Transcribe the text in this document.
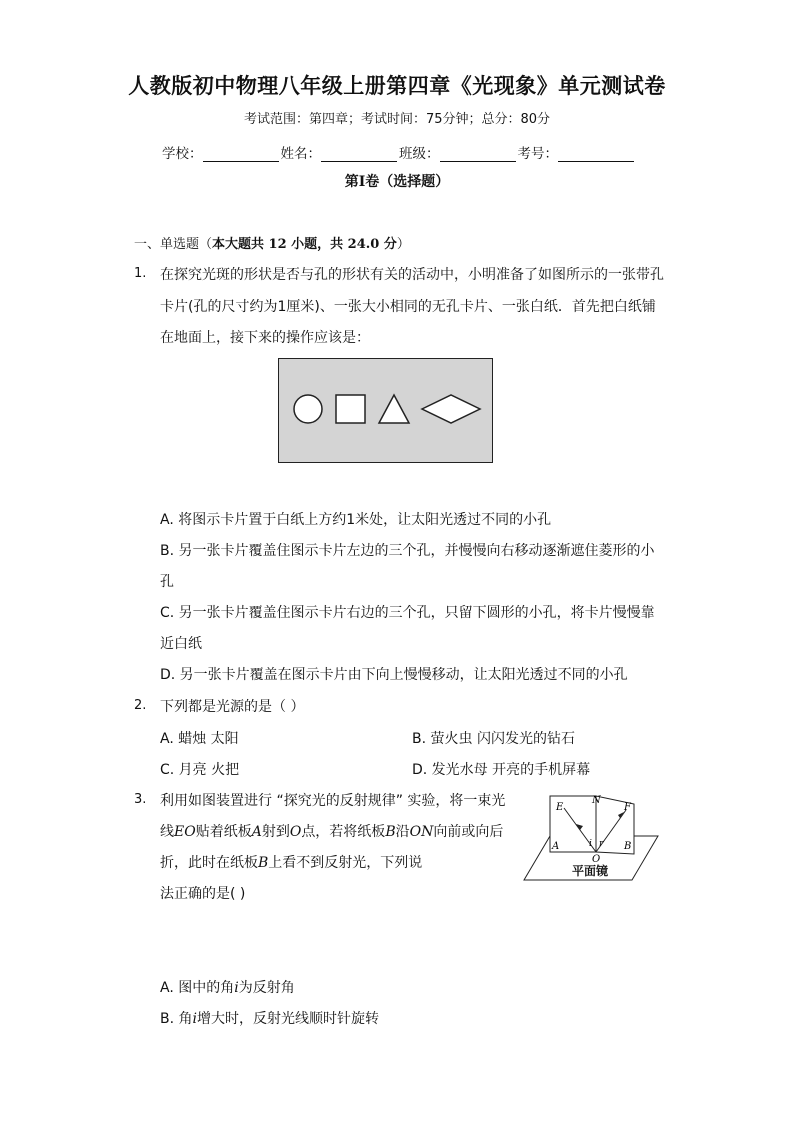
人教版初中物理八年级上册第四章《光现象》单元测试卷
考试范围：第四章；考试时间：75分钟；总分：80分
学校：	姓名：	班级：	考号：
第I卷（选择题）
一、单选题（本大题共 12 小题，共 24.0 分）
1. 在探究光斑的形状是否与孔的形状有关的活动中，小明准备了如图所示的一张带孔
卡片(孔的尺寸约为1厘米)、一张大小相同的无孔卡片、一张白纸．首先把白纸铺
在地面上，接下来的操作应该是：
A. 将图示卡片置于白纸上方约1米处，让太阳光透过不同的小孔
B. 另一张卡片覆盖住图示卡片左边的三个孔，并慢慢向右移动逐渐遮住菱形的小
孔
C. 另一张卡片覆盖住图示卡片右边的三个孔，只留下圆形的小孔，将卡片慢慢靠
近白纸
D. 另一张卡片覆盖在图示卡片由下向上慢慢移动，让太阳光透过不同的小孔
2. 下列都是光源的是（ ）
A. 蜡烛 太阳	B. 萤火虫 闪闪发光的钻石
C. 月亮 火把	D. 发光水母 开亮的手机屏幕
3. 利用如图装置进行 “探究光的反射规律” 实验，将一束光
线EO贴着纸板A射到O点，若将纸板B沿ON向前或向后
折，此时在纸板B上看不到反射光，下列说
法正确的是( )
E
N
F
i r
A	B
O
平面镜
A. 图中的角i为反射角
B. 角i增大时，反射光线顺时针旋转
